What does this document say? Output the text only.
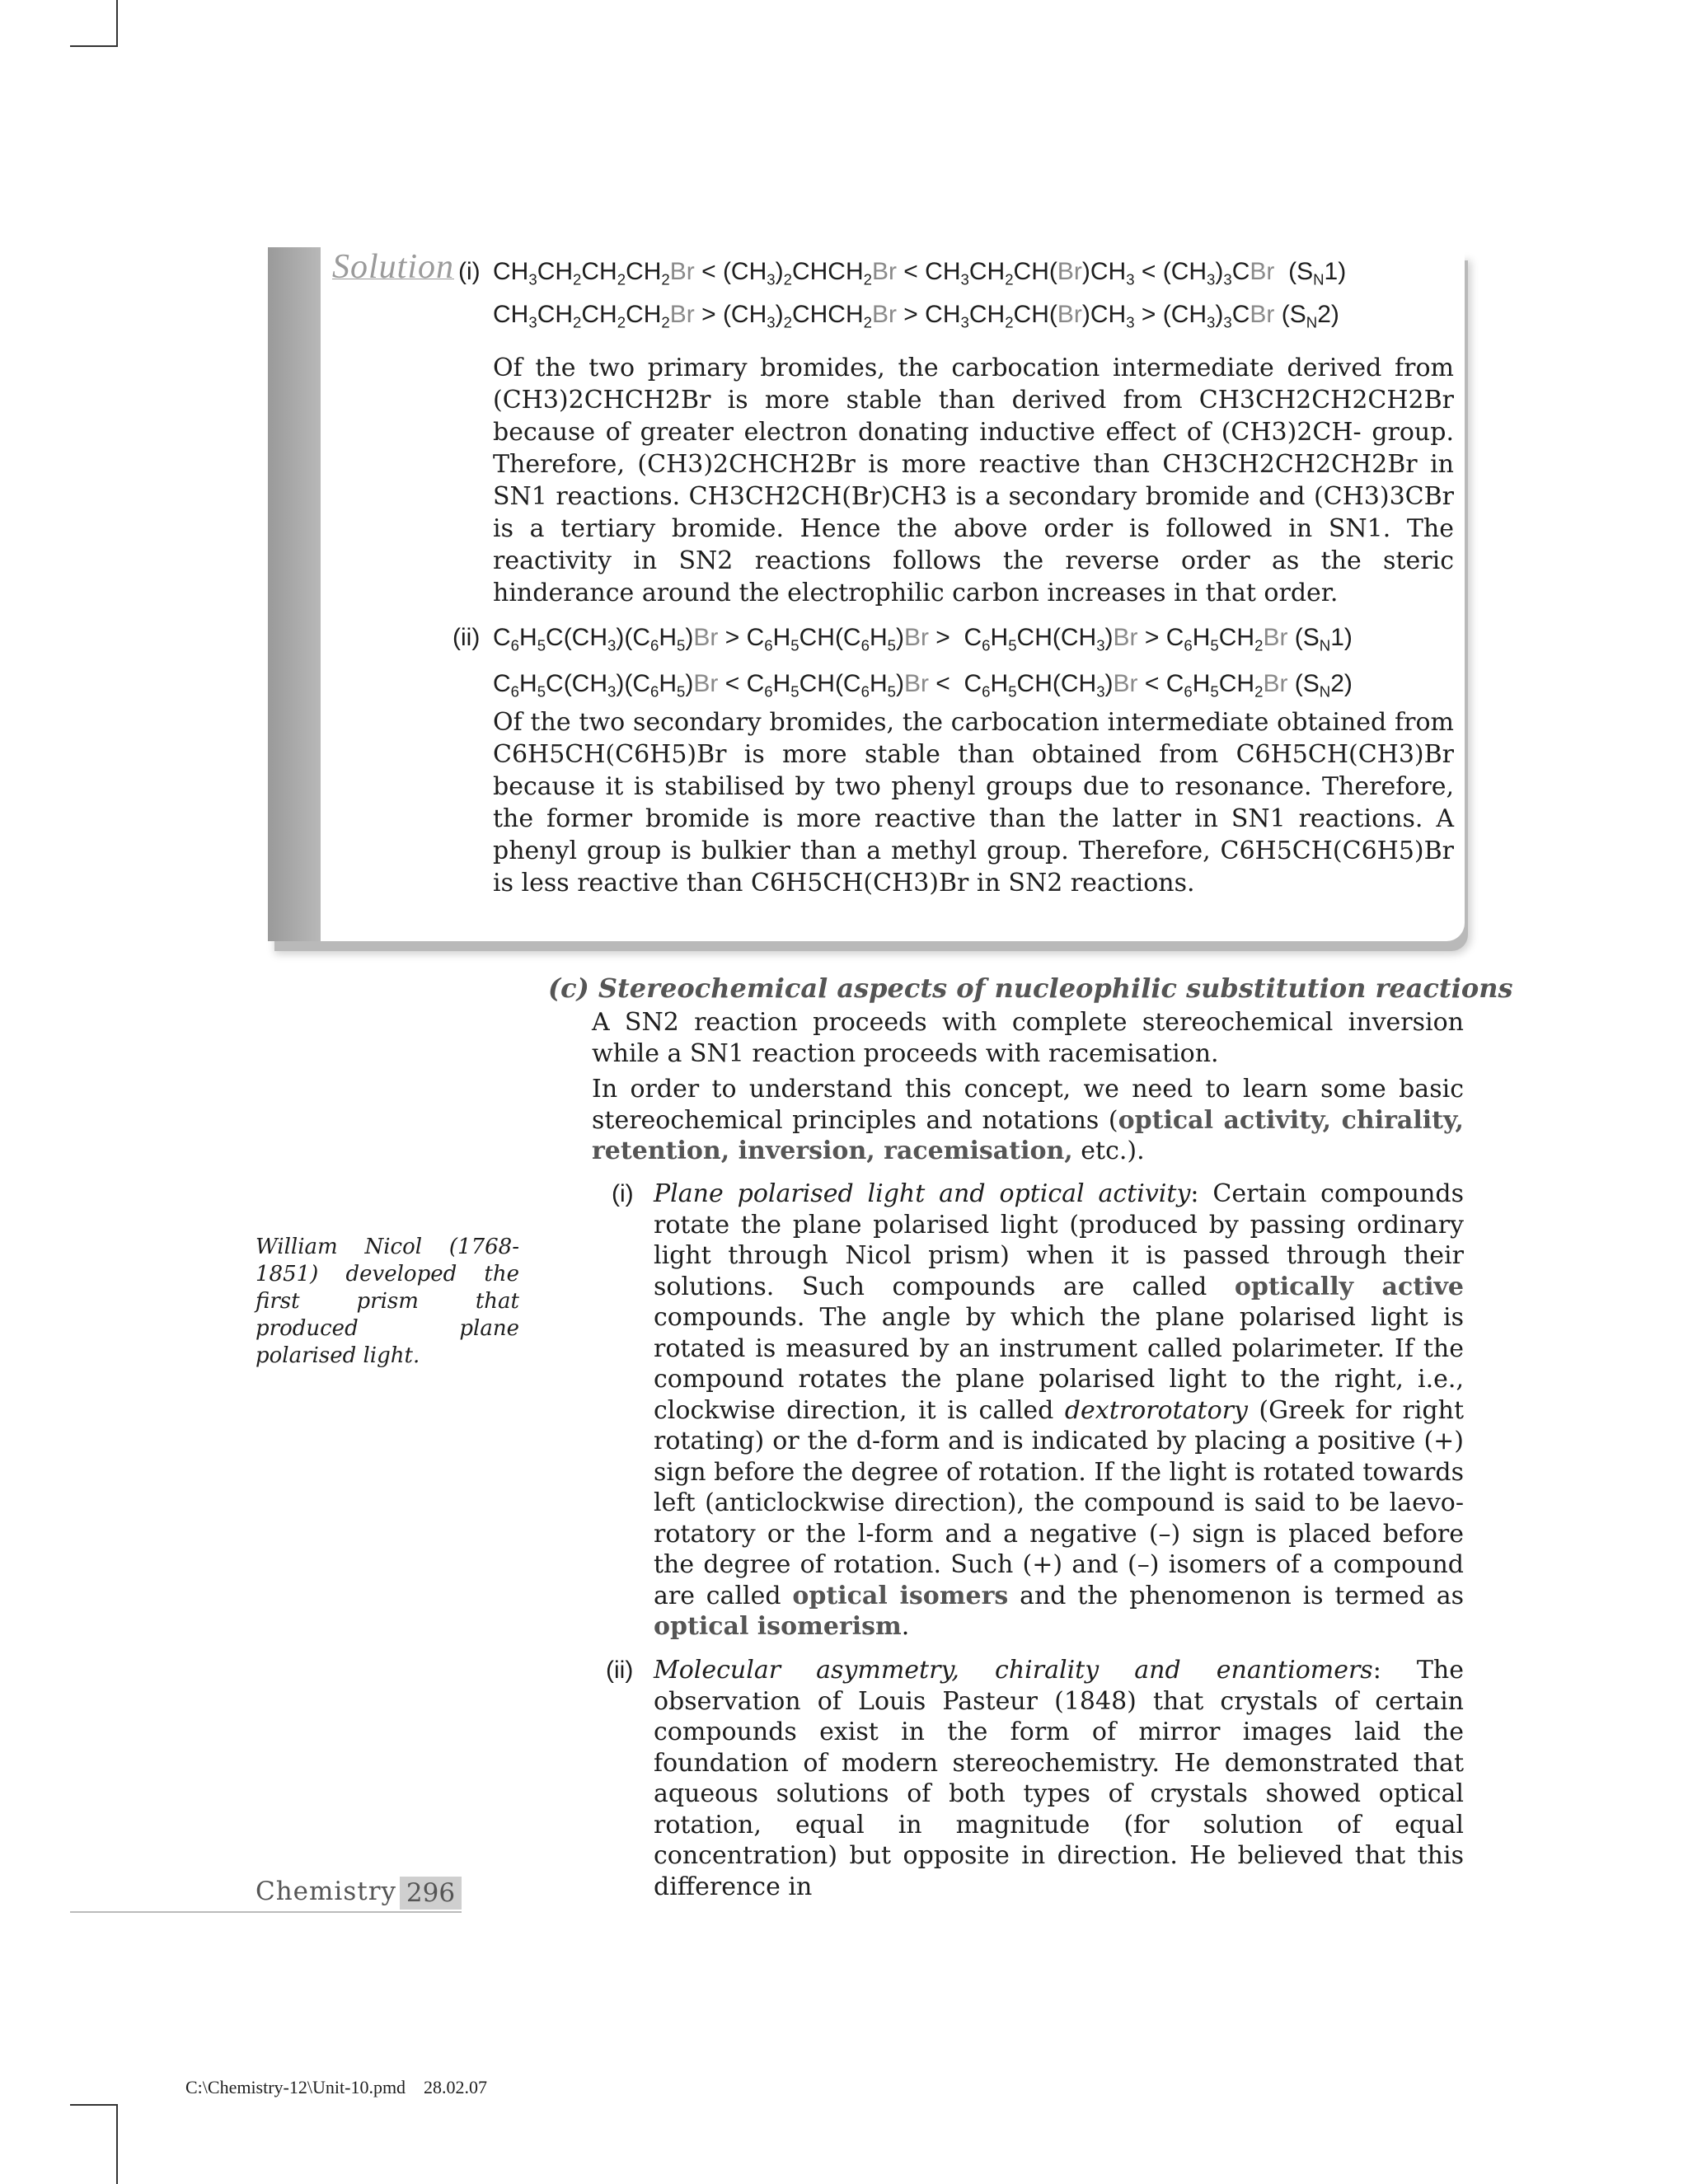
Solution (i) $CH_3CH_2CH_2CH_2Br$ < $(CH_3)_2CHCH_2Br < CH_3CH_2CH(Br)CH_3 < (CH_3)_3CBr$ $(S_N1)$
$CH_3CH_2CH_2CH_2Br$ > $(CH_3)_2CHCH_2Br > CH_3CH_2CH(Br)CH_3 > (CH_3)_3CBr$ $(S_N2)$

Of the two primary bromides, the carbocation intermediate derived from (CH3)2CHCH2Br is more stable than derived from CH3CH2CH2CH2Br because of greater electron donating inductive effect of (CH3)2CH- group. Therefore, (CH3)2CHCH2Br is more reactive than CH3CH2CH2CH2Br in SN1 reactions. CH3CH2CH(Br)CH3 is a secondary bromide and (CH3)3CBr is a tertiary bromide. Hence the above order is followed in SN1. The reactivity in SN2 reactions follows the reverse order as the steric hinderance around the electrophilic carbon increases in that order.

(ii) $C_6H_5C(CH_3)(C_6H_5)Br > C_6H_5CH(C_6H_5)Br > C_6H_5CH(CH_3)Br > C_6H_5CH_2Br$ $(S_N1)$
$C_6H_5C(CH_3)(C_6H_5)Br < C_6H_5CH(C_6H_5)Br < C_6H_5CH(CH_3)Br < C_6H_5CH_2Br$ $(S_N2)$

Of the two secondary bromides, the carbocation intermediate obtained from C6H5CH(C6H5)Br is more stable than obtained from C6H5CH(CH3)Br because it is stabilised by two phenyl groups due to resonance. Therefore, the former bromide is more reactive than the latter in SN1 reactions. A phenyl group is bulkier than a methyl group. Therefore, C6H5CH(C6H5)Br is less reactive than C6H5CH(CH3)Br in SN2 reactions.

(c) Stereochemical aspects of nucleophilic substitution reactions

A SN2 reaction proceeds with complete stereochemical inversion while a SN1 reaction proceeds with racemisation.

In order to understand this concept, we need to learn some basic stereochemical principles and notations (optical activity, chirality, retention, inversion, racemisation, etc.).

(i) Plane polarised light and optical activity: Certain compounds rotate the plane polarised light (produced by passing ordinary light through Nicol prism) when it is passed through their solutions. Such compounds are called optically active compounds. The angle by which the plane polarised light is rotated is measured by an instrument called polarimeter. If the compound rotates the plane polarised light to the right, i.e., clockwise direction, it is called dextrorotatory (Greek for right rotating) or the d-form and is indicated by placing a positive (+) sign before the degree of rotation. If the light is rotated towards left (anticlockwise direction), the compound is said to be laevo-rotatory or the l-form and a negative (–) sign is placed before the degree of rotation. Such (+) and (–) isomers of a compound are called optical isomers and the phenomenon is termed as optical isomerism.

(ii) Molecular asymmetry, chirality and enantiomers: The observation of Louis Pasteur (1848) that crystals of certain compounds exist in the form of mirror images laid the foundation of modern stereochemistry. He demonstrated that aqueous solutions of both types of crystals showed optical rotation, equal in magnitude (for solution of equal concentration) but opposite in direction. He believed that this difference in

William Nicol (1768-1851) developed the first prism that produced plane polarised light.

Chemistry 296
C:\Chemistry-12\Unit-10.pmd    28.02.07
